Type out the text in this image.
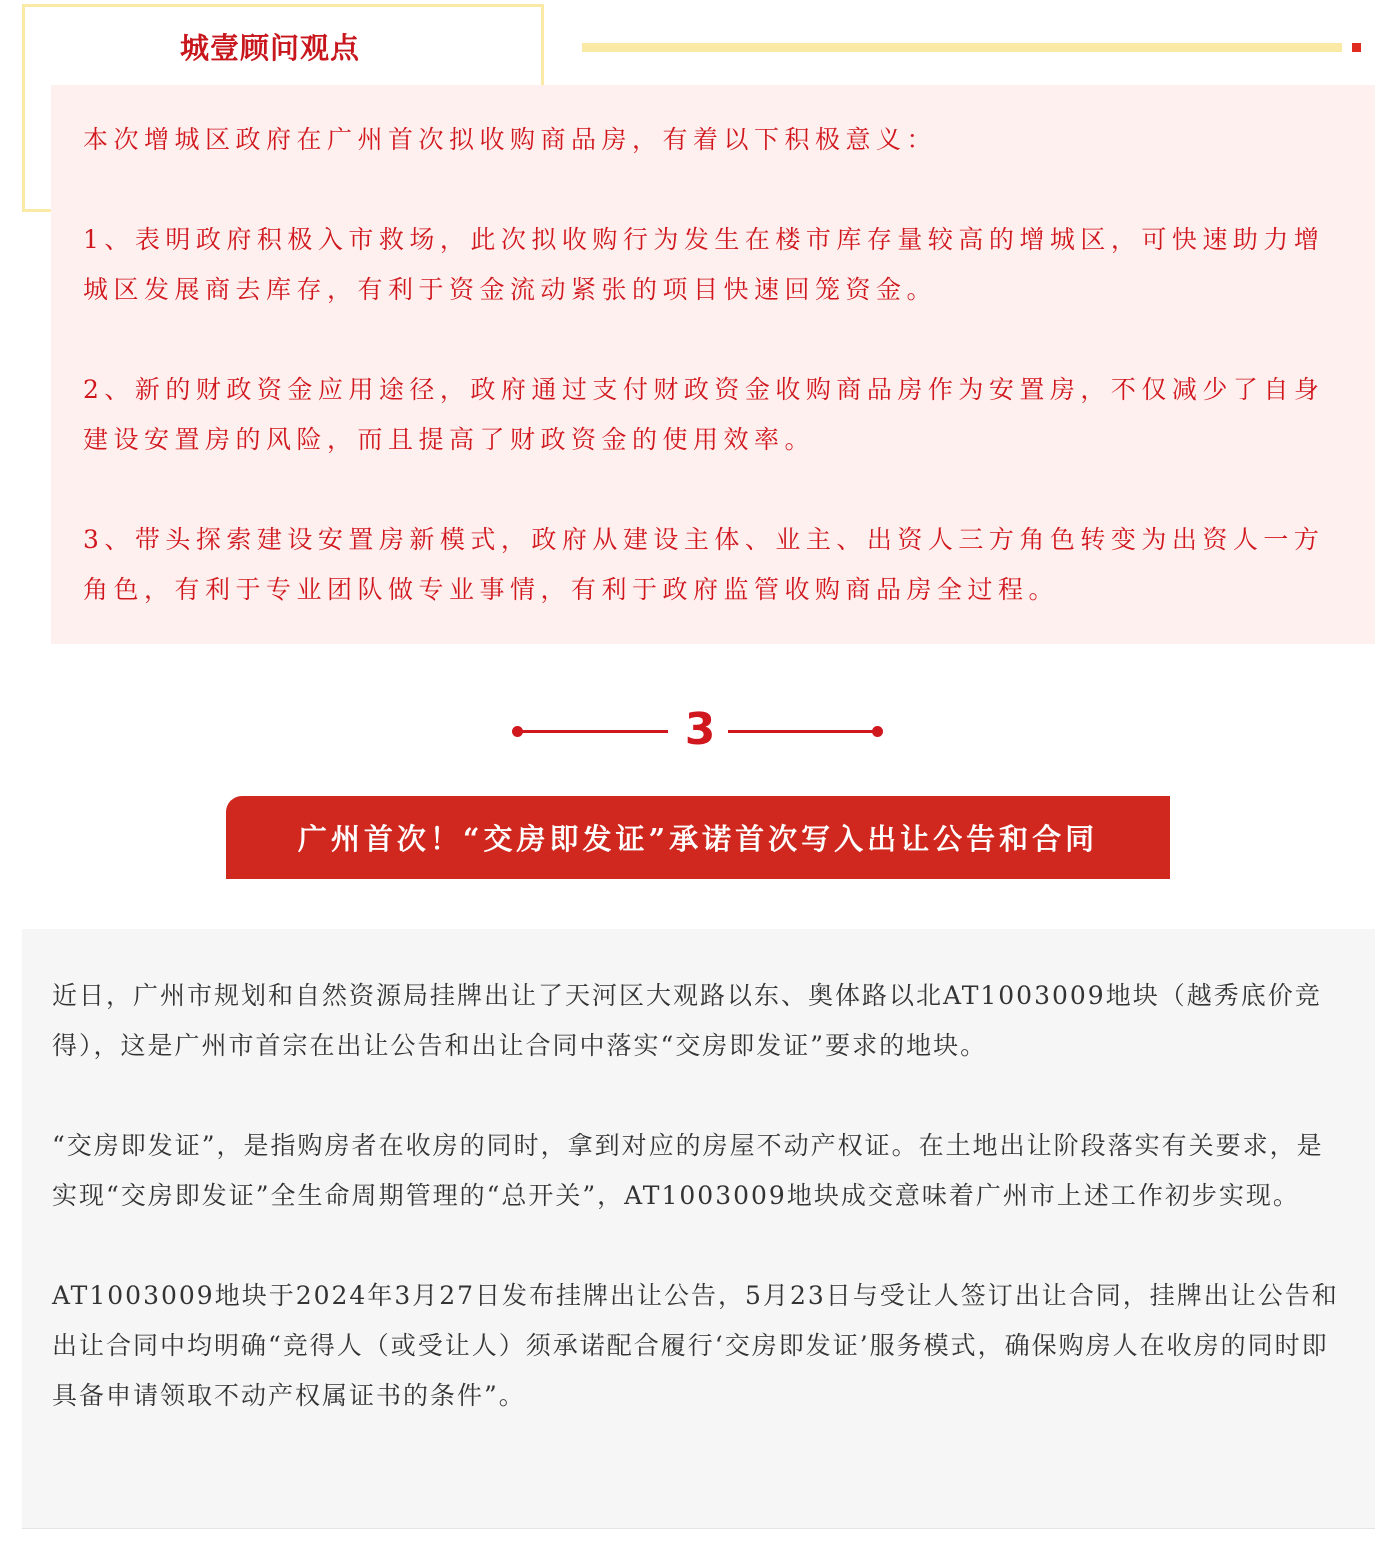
城壹顾问观点

本次增城区政府在广州首次拟收购商品房，有着以下积极意义：

1、表明政府积极入市救场，此次拟收购行为发生在楼市库存量较高的增城区，可快速助力增城区发展商去库存，有利于资金流动紧张的项目快速回笼资金。

2、新的财政资金应用途径，政府通过支付财政资金收购商品房作为安置房，不仅减少了自身建设安置房的风险，而且提高了财政资金的使用效率。

3、带头探索建设安置房新模式，政府从建设主体、业主、出资人三方角色转变为出资人一方角色，有利于专业团队做专业事情，有利于政府监管收购商品房全过程。

3
广州首次！“交房即发证”承诺首次写入出让公告和合同

近日，广州市规划和自然资源局挂牌出让了天河区大观路以东、奥体路以北AT1003009地块（越秀底价竞得），这是广州市首宗在出让公告和出让合同中落实“交房即发证”要求的地块。

“交房即发证”，是指购房者在收房的同时，拿到对应的房屋不动产权证。在土地出让阶段落实有关要求，是实现“交房即发证”全生命周期管理的“总开关”，AT1003009地块成交意味着广州市上述工作初步实现。

AT1003009地块于2024年3月27日发布挂牌出让公告，5月23日与受让人签订出让合同，挂牌出让公告和出让合同中均明确“竞得人（或受让人）须承诺配合履行‘交房即发证’服务模式，确保购房人在收房的同时即具备申请领取不动产权属证书的条件”。
